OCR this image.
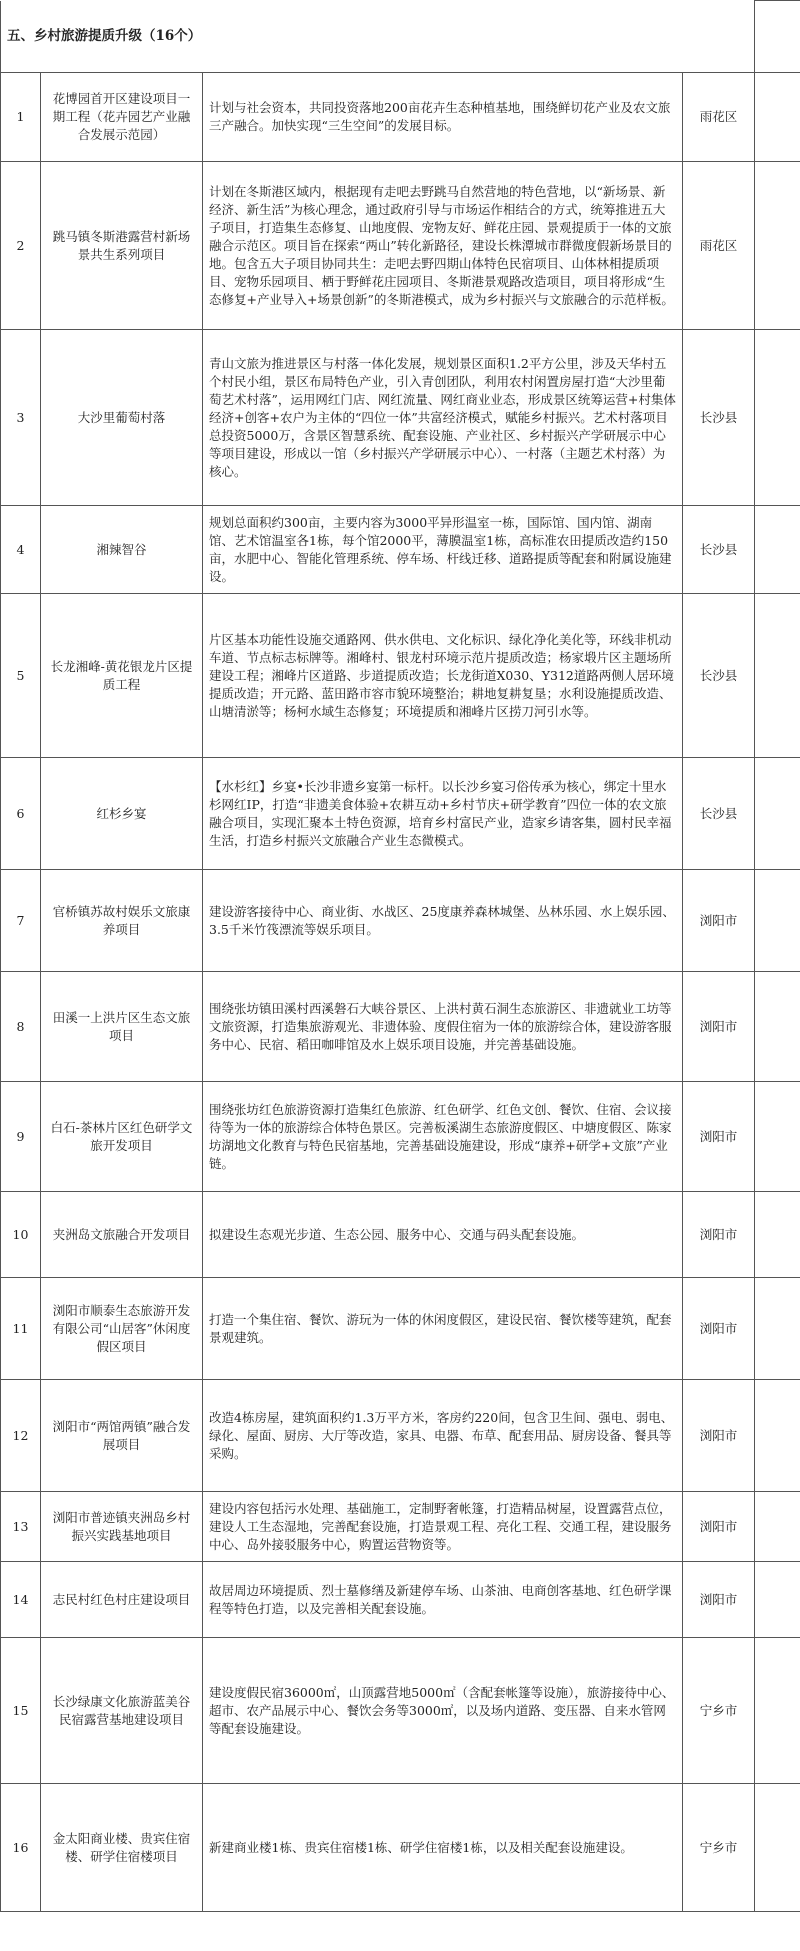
五、乡村旅游提质升级（16个）				
1	花博园首开区建设项目一期工程（花卉园艺产业融合发展示范园）	计划与社会资本，共同投资落地200亩花卉生态种植基地，围绕鲜切花产业及农文旅三产融合。加快实现“三生空间”的发展目标。	雨花区	
2	跳马镇冬斯港露营村新场景共生系列项目	计划在冬斯港区域内，根据现有走吧去野跳马自然营地的特色营地，以“新场景、新经济、新生活”为核心理念，通过政府引导与市场运作相结合的方式，统筹推进五大子项目，打造集生态修复、山地度假、宠物友好、鲜花庄园、景观提质于一体的文旅融合示范区。项目旨在探索“两山”转化新路径，建设长株潭城市群微度假新场景目的地。包含五大子项目协同共生：走吧去野四期山体特色民宿项目、山体林相提质项目、宠物乐园项目、栖于野鲜花庄园项目、冬斯港景观路改造项目，项目将形成“生态修复+产业导入+场景创新”的冬斯港模式，成为乡村振兴与文旅融合的示范样板。	雨花区	
3	大沙里葡萄村落	青山文旅为推进景区与村落一体化发展，规划景区面积1.2平方公里，涉及天华村五个村民小组，景区布局特色产业，引入青创团队，利用农村闲置房屋打造“大沙里葡萄艺术村落”，运用网红门店、网红流量、网红商业业态，形成景区统筹运营+村集体经济+创客+农户为主体的“四位一体”共富经济模式，赋能乡村振兴。艺术村落项目总投资5000万，含景区智慧系统、配套设施、产业社区、乡村振兴产学研展示中心等项目建设，形成以一馆（乡村振兴产学研展示中心）、一村落（主题艺术村落）为核心。	长沙县	
4	湘辣智谷	规划总面积约300亩，主要内容为3000平异形温室一栋，国际馆、国内馆、湖南馆、艺术馆温室各1栋，每个馆2000平，薄膜温室1栋，高标准农田提质改造约150亩，水肥中心、智能化管理系统、停车场、杆线迁移、道路提质等配套和附属设施建设。	长沙县	
5	长龙湘峰-黄花银龙片区提质工程	片区基本功能性设施交通路网、供水供电、文化标识、绿化净化美化等，环线非机动车道、节点标志标牌等。湘峰村、银龙村环境示范片提质改造；杨家塅片区主题场所建设工程；湘峰片区道路、步道提质改造；长龙街道X030、Y312道路两侧人居环境提质改造；开元路、蓝田路市容市貌环境整治；耕地复耕复垦；水利设施提质改造、山塘清淤等；杨柯水域生态修复；环境提质和湘峰片区捞刀河引水等。	长沙县	
6	红杉乡宴	【水杉红】乡宴•长沙非遗乡宴第一标杆。以长沙乡宴习俗传承为核心，绑定十里水杉网红IP，打造“非遗美食体验+农耕互动+乡村节庆+研学教育”四位一体的农文旅融合项目，实现汇聚本土特色资源，培育乡村富民产业，造家乡请客集，圆村民幸福生活，打造乡村振兴文旅融合产业生态微模式。	长沙县	
7	官桥镇苏故村娱乐文旅康养项目	建设游客接待中心、商业街、水战区、25度康养森林城堡、丛林乐园、水上娱乐园、3.5千米竹筏漂流等娱乐项目。	浏阳市	
8	田溪一上洪片区生态文旅项目	围绕张坊镇田溪村西溪磐石大峡谷景区、上洪村黄石洞生态旅游区、非遗就业工坊等文旅资源，打造集旅游观光、非遗体验、度假住宿为一体的旅游综合体，建设游客服务中心、民宿、稻田咖啡馆及水上娱乐项目设施，并完善基础设施。	浏阳市	
9	白石-茶林片区红色研学文旅开发项目	围绕张坊红色旅游资源打造集红色旅游、红色研学、红色文创、餐饮、住宿、会议接待等为一体的旅游综合体特色景区。完善板溪湖生态旅游度假区、中塘度假区、陈家坊湖地文化教育与特色民宿基地，完善基础设施建设，形成“康养+研学+文旅”产业链。	浏阳市	
10	夹洲岛文旅融合开发项目	拟建设生态观光步道、生态公园、服务中心、交通与码头配套设施。	浏阳市	
11	浏阳市顺泰生态旅游开发有限公司“山居客”休闲度假区项目	打造一个集住宿、餐饮、游玩为一体的休闲度假区，建设民宿、餐饮楼等建筑，配套景观建筑。	浏阳市	
12	浏阳市“两馆两镇”融合发展项目	改造4栋房屋，建筑面积约1.3万平方米，客房约220间，包含卫生间、强电、弱电、绿化、屋面、厨房、大厅等改造，家具、电器、布草、配套用品、厨房设备、餐具等采购。	浏阳市	
13	浏阳市普迹镇夹洲岛乡村振兴实践基地项目	建设内容包括污水处理、基础施工，定制野奢帐篷，打造精品树屋，设置露营点位，建设人工生态湿地，完善配套设施，打造景观工程、亮化工程、交通工程，建设服务中心、岛外接驳服务中心，购置运营物资等。	浏阳市	
14	志民村红色村庄建设项目	故居周边环境提质、烈士墓修缮及新建停车场、山茶油、电商创客基地、红色研学课程等特色打造，以及完善相关配套设施。	浏阳市	
15	长沙绿康文化旅游蓝美谷民宿露营基地建设项目	建设度假民宿36000㎡，山顶露营地5000㎡（含配套帐篷等设施），旅游接待中心、超市、农产品展示中心、餐饮会务等3000㎡，以及场内道路、变压器、自来水管网等配套设施建设。	宁乡市	
16	金太阳商业楼、贵宾住宿楼、研学住宿楼项目	新建商业楼1栋、贵宾住宿楼1栋、研学住宿楼1栋，以及相关配套设施建设。	宁乡市	
